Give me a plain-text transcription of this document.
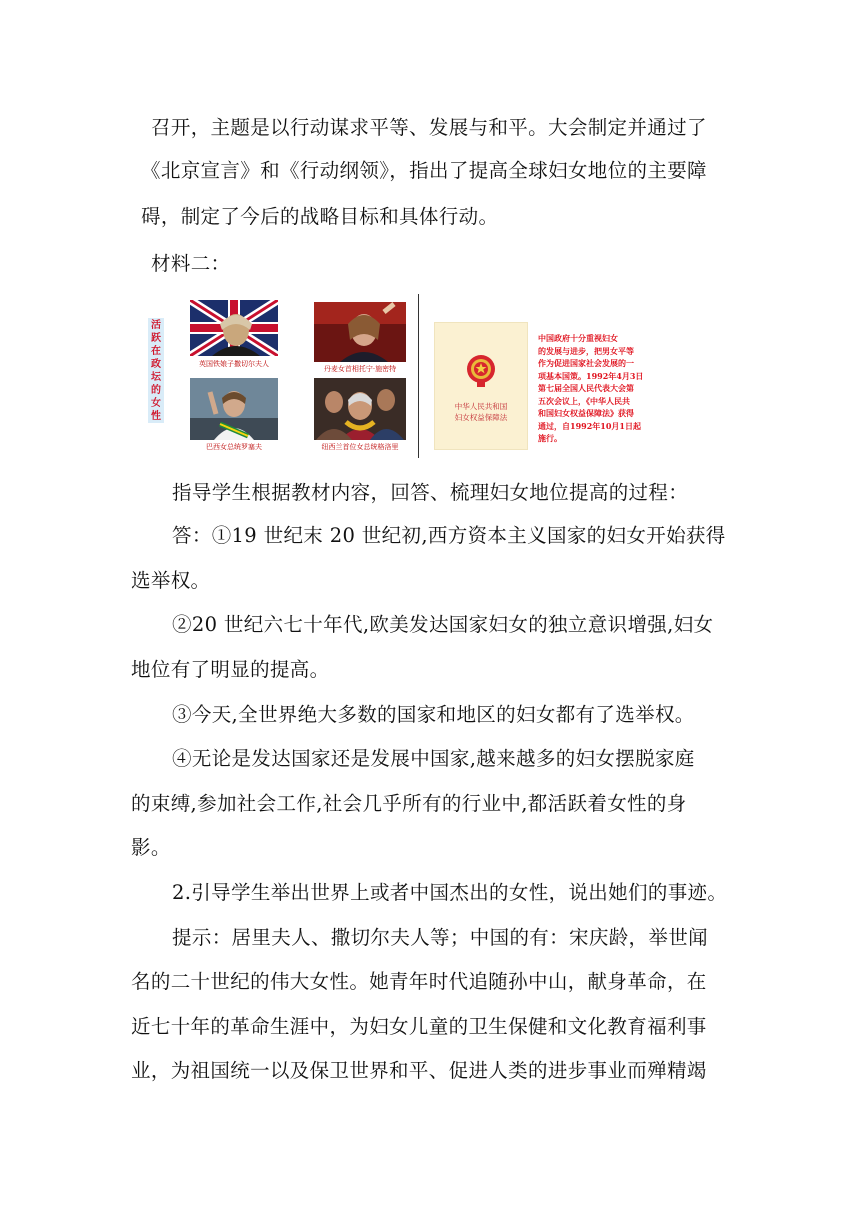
召开，主题是以行动谋求平等、发展与和平。大会制定并通过了
《北京宣言》和《行动纲领》，指出了提高全球妇女地位的主要障
碍，制定了今后的战略目标和具体行动。
材料二：
活
跃
在
政
坛
的
女
性
英国铁娘子撒切尔夫人
丹麦女首相托宁·施密特
巴西女总统罗塞夫	纽西兰首位女总统格洛里
中华人民共和国
妇女权益保障法
中国政府十分重视妇女
的发展与进步，把男女平等
作为促进国家社会发展的一
项基本国策。1992年4月3日
第七届全国人民代表大会第
五次会议上，《中华人民共
和国妇女权益保障法》获得
通过，自1992年10月1日起
施行。
指导学生根据教材内容，回答、梳理妇女地位提高的过程：
答：①19 世纪末 20 世纪初,西方资本主义国家的妇女开始获得
选举权。
②20 世纪六七十年代,欧美发达国家妇女的独立意识增强,妇女
地位有了明显的提高。
③今天,全世界绝大多数的国家和地区的妇女都有了选举权。
④无论是发达国家还是发展中国家,越来越多的妇女摆脱家庭
的束缚,参加社会工作,社会几乎所有的行业中,都活跃着女性的身
影。
2.引导学生举出世界上或者中国杰出的女性，说出她们的事迹。
提示：居里夫人、撒切尔夫人等；中国的有：宋庆龄，举世闻
名的二十世纪的伟大女性。她青年时代追随孙中山，献身革命，在
近七十年的革命生涯中，为妇女儿童的卫生保健和文化教育福利事
业，为祖国统一以及保卫世界和平、促进人类的进步事业而殚精竭
